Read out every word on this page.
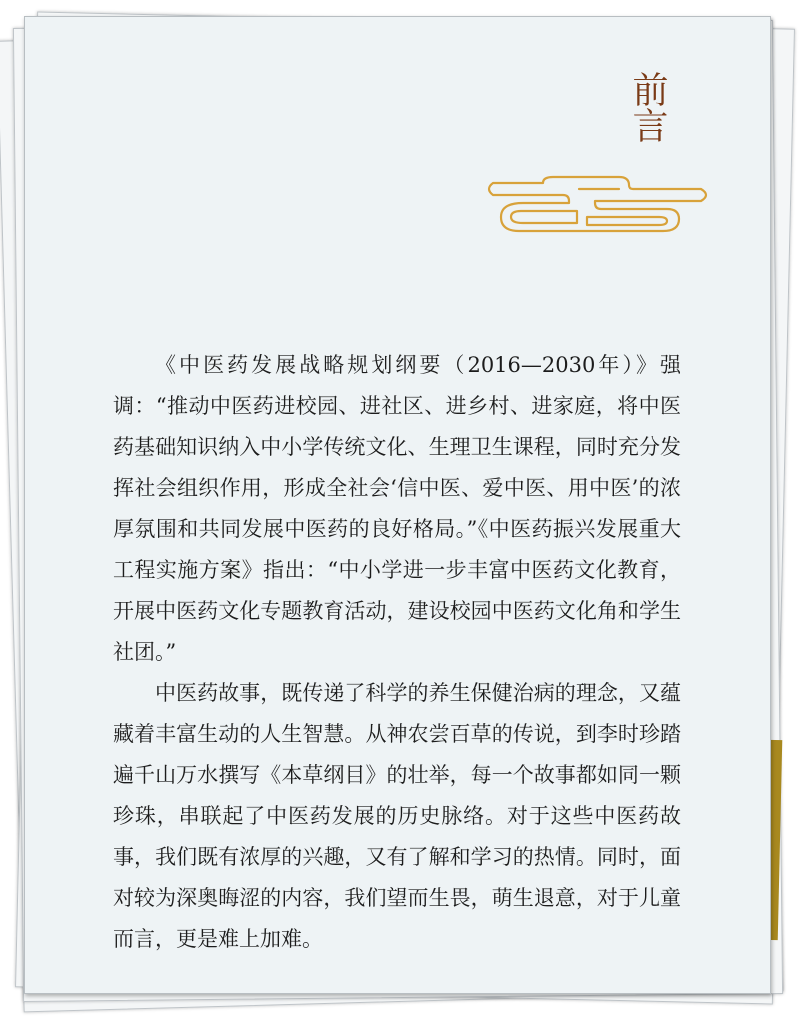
前言

《中医药发展战略规划纲要（2016—2030年）》强调：“推动中医药进校园、进社区、进乡村、进家庭，将中医药基础知识纳入中小学传统文化、生理卫生课程，同时充分发挥社会组织作用，形成全社会‘信中医、爱中医、用中医’的浓厚氛围和共同发展中医药的良好格局。”《中医药振兴发展重大工程实施方案》指出：“中小学进一步丰富中医药文化教育，开展中医药文化专题教育活动，建设校园中医药文化角和学生社团。”

中医药故事，既传递了科学的养生保健治病的理念，又蕴藏着丰富生动的人生智慧。从神农尝百草的传说，到李时珍踏遍千山万水撰写《本草纲目》的壮举，每一个故事都如同一颗珍珠，串联起了中医药发展的历史脉络。对于这些中医药故事，我们既有浓厚的兴趣，又有了解和学习的热情。同时，面对较为深奥晦涩的内容，我们望而生畏，萌生退意，对于儿童而言，更是难上加难。
